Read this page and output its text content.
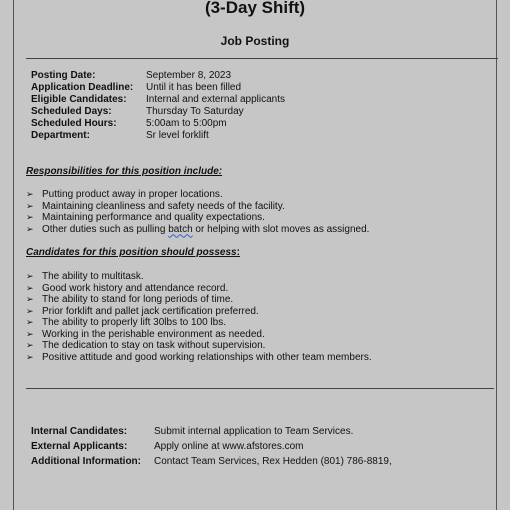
(3-Day Shift)
Job Posting
Posting Date:	September 8, 2023
Application Deadline:	Until it has been filled
Eligible Candidates:	Internal and external applicants
Scheduled Days:	Thursday To Saturday
Scheduled Hours:	5:00am to 5:00pm
Department:	Sr level forklift
Responsibilities for this position include:
➢ Putting product away in proper locations.
➢ Maintaining cleanliness and safety needs of the facility.
➢ Maintaining performance and quality expectations.
➢ Other duties such as pulling batch or helping with slot moves as assigned.
Candidates for this position should possess:
➢ The ability to multitask.
➢ Good work history and attendance record.
➢ The ability to stand for long periods of time.
➢ Prior forklift and pallet jack certification preferred.
➢ The ability to properly lift 30lbs to 100 lbs.
➢ Working in the perishable environment as needed.
➢ The dedication to stay on task without supervision.
➢ Positive attitude and good working relationships with other team members.
Internal Candidates:	Submit internal application to Team Services.
External Applicants:	Apply online at www.afstores.com
Additional Information:	Contact Team Services, Rex Hedden (801) 786-8819,
